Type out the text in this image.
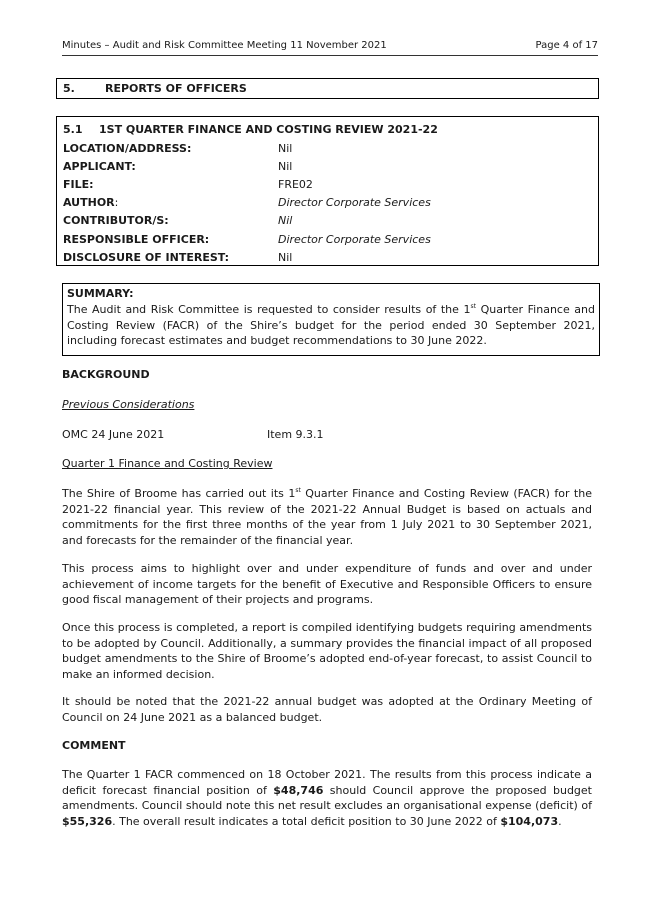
Minutes – Audit and Risk Committee Meeting 11 November 2021	Page 4 of 17
5.	REPORTS OF OFFICERS
5.1 1ST QUARTER FINANCE AND COSTING REVIEW 2021-22
LOCATION/ADDRESS:	Nil
APPLICANT:	Nil
FILE:	FRE02
AUTHOR:	Director Corporate Services
CONTRIBUTOR/S:	Nil
RESPONSIBLE OFFICER:	Director Corporate Services
DISCLOSURE OF INTEREST:	Nil
SUMMARY:

The Audit and Risk Committee is requested to consider results of the 1st Quarter Finance and Costing Review (FACR) of the Shire’s budget for the period ended 30 September 2021, including forecast estimates and budget recommendations to 30 June 2022.

BACKGROUND
Previous Considerations
OMC 24 June 2021	Item 9.3.1
Quarter 1 Finance and Costing Review
The Shire of Broome has carried out its 1st Quarter Finance and Costing Review (FACR) for the 2021-22 financial year. This review of the 2021-22 Annual Budget is based on actuals and commitments for the first three months of the year from 1 July 2021 to 30 September 2021, and forecasts for the remainder of the financial year.
This process aims to highlight over and under expenditure of funds and over and under achievement of income targets for the benefit of Executive and Responsible Officers to ensure good fiscal management of their projects and programs.
Once this process is completed, a report is compiled identifying budgets requiring amendments to be adopted by Council. Additionally, a summary provides the financial impact of all proposed budget amendments to the Shire of Broome’s adopted end-of-year forecast, to assist Council to make an informed decision.
It should be noted that the 2021-22 annual budget was adopted at the Ordinary Meeting of Council on 24 June 2021 as a balanced budget.
COMMENT
The Quarter 1 FACR commenced on 18 October 2021. The results from this process indicate a deficit forecast financial position of $48,746 should Council approve the proposed budget amendments. Council should note this net result excludes an organisational expense (deficit) of $55,326. The overall result indicates a total deficit position to 30 June 2022 of $104,073.
